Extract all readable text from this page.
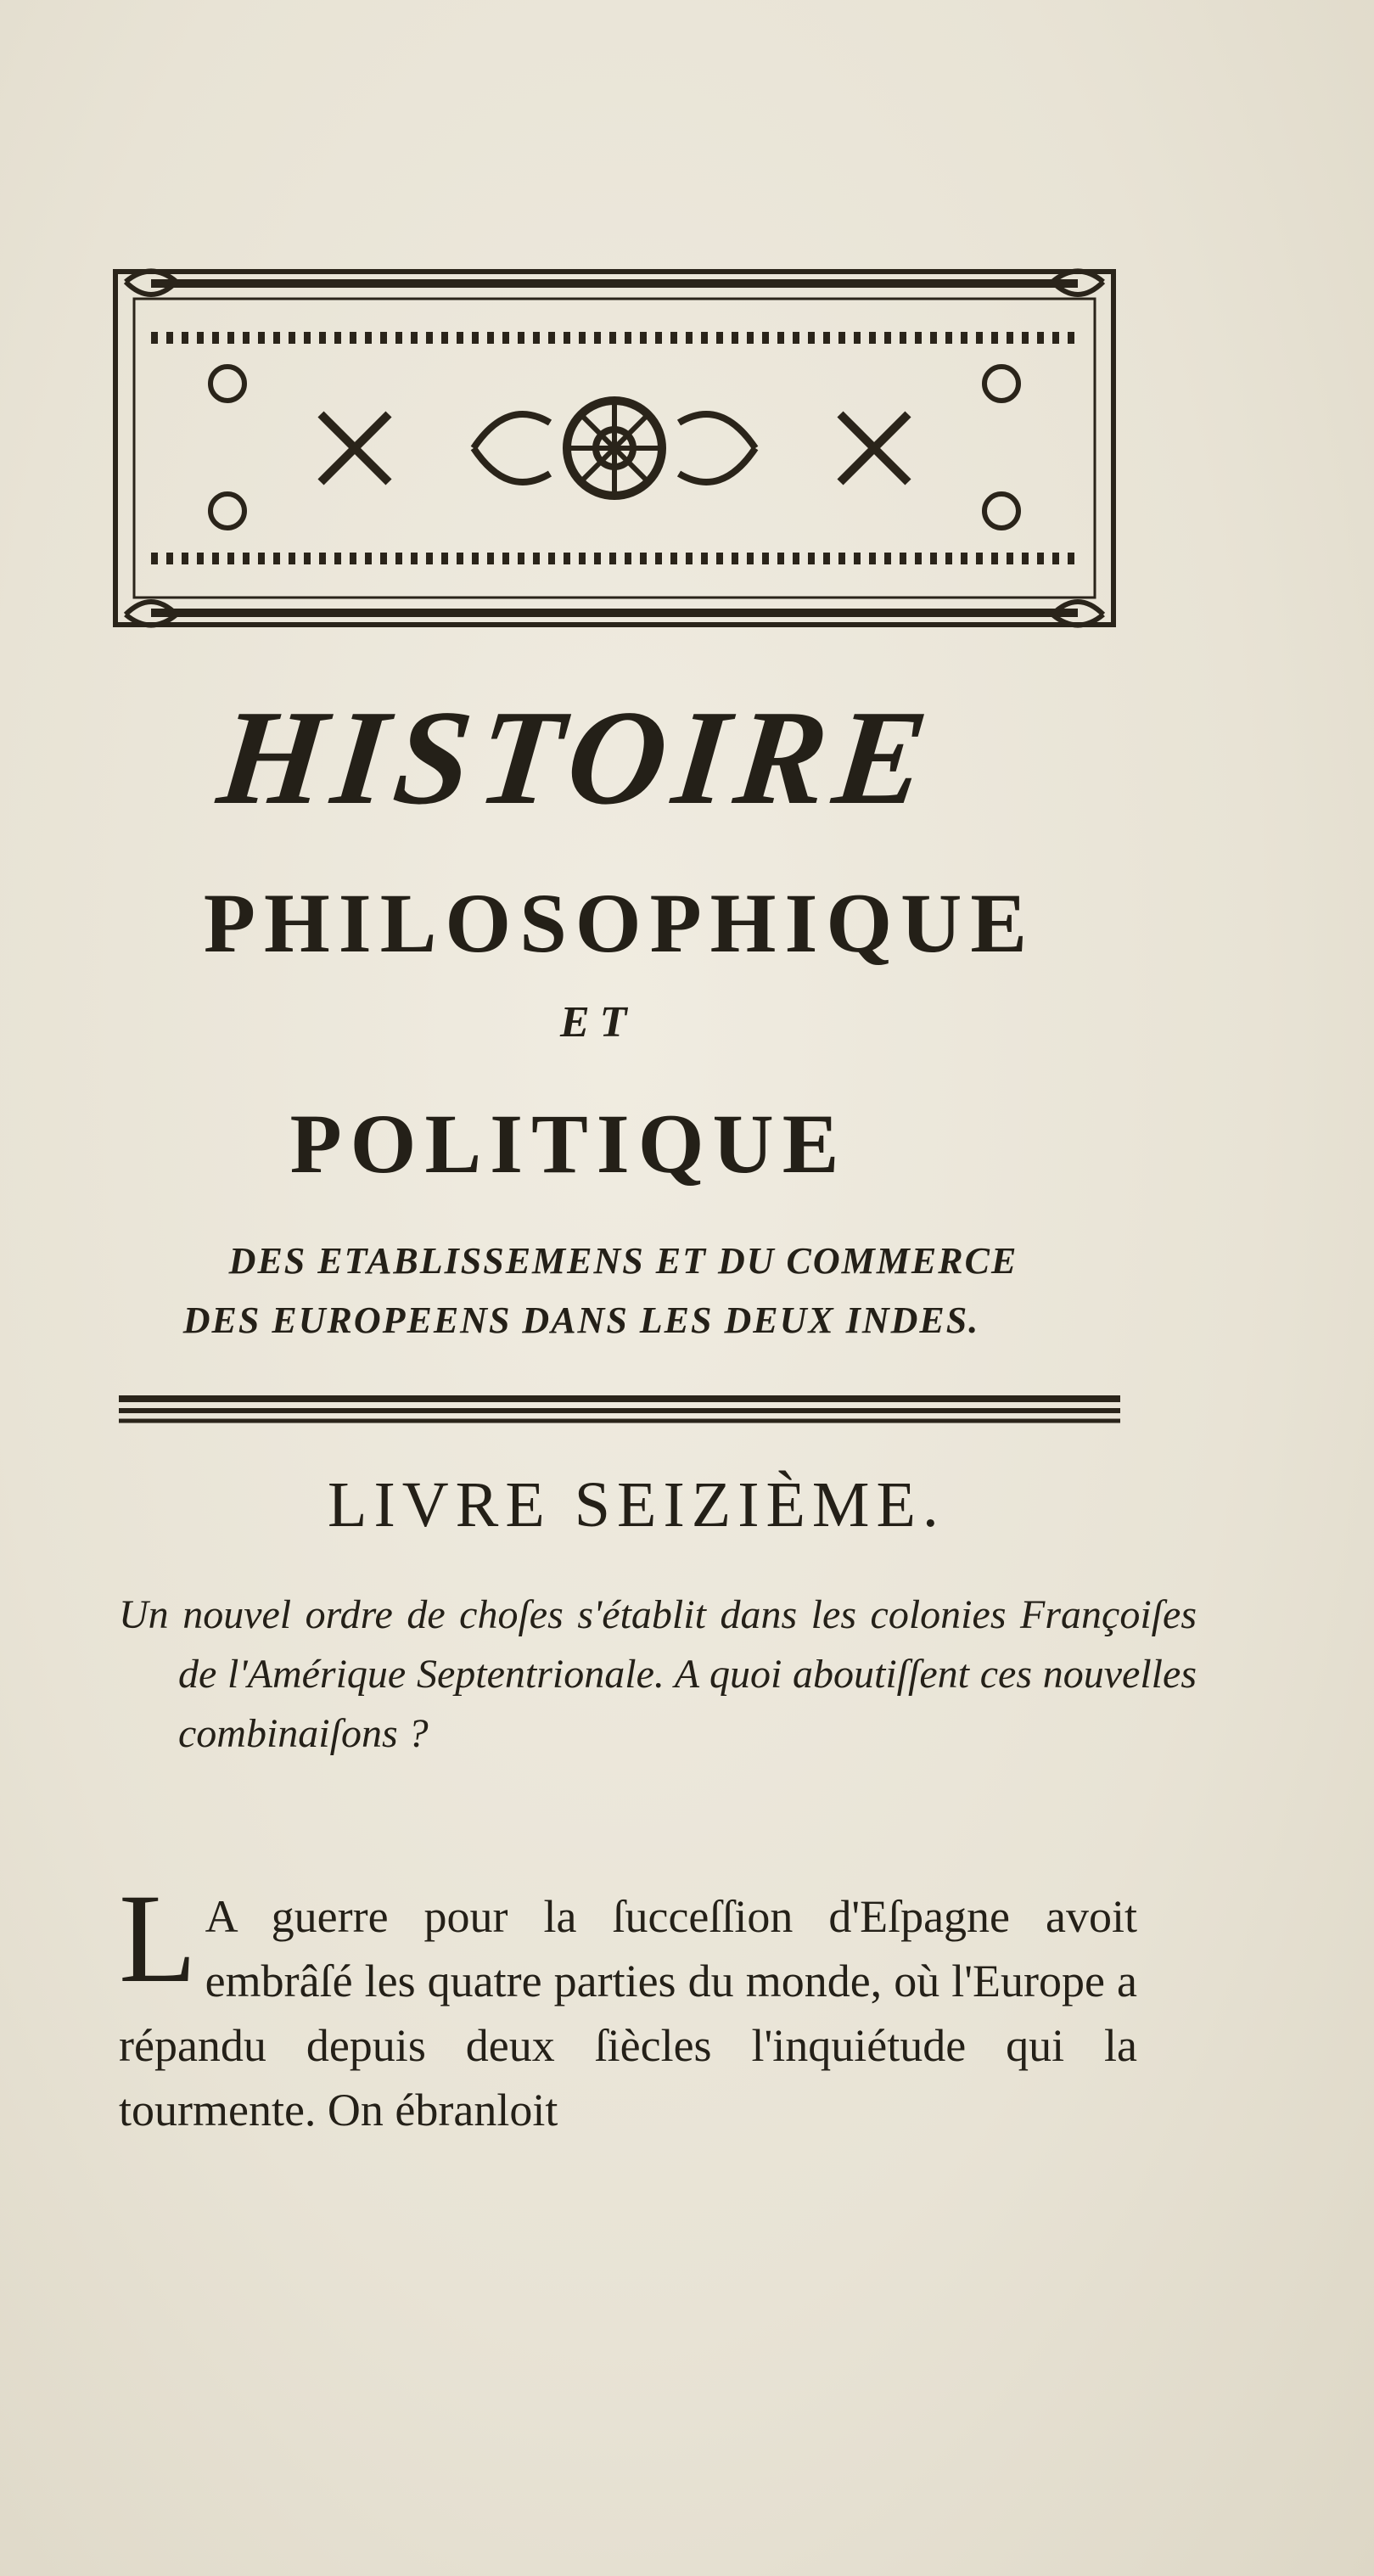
HISTOIRE
PHILOSOPHIQUE
ET
POLITIQUE
DES ETABLISSEMENS ET DU COMMERCE
DES EUROPEENS DANS LES DEUX INDES.
LIVRE SEIZIÈME.
Un nouvel ordre de choſes s'établit dans les colonies Françoiſes de l'Amérique Septentrionale. A quoi aboutiſſent ces nouvelles combinaiſons ?
L A guerre pour la ſucceſſion d'Eſpagne avoit embrâſé les quatre parties du monde, où l'Europe a répandu depuis deux ſiècles l'inquiétude qui la tourmente. On ébranloit
